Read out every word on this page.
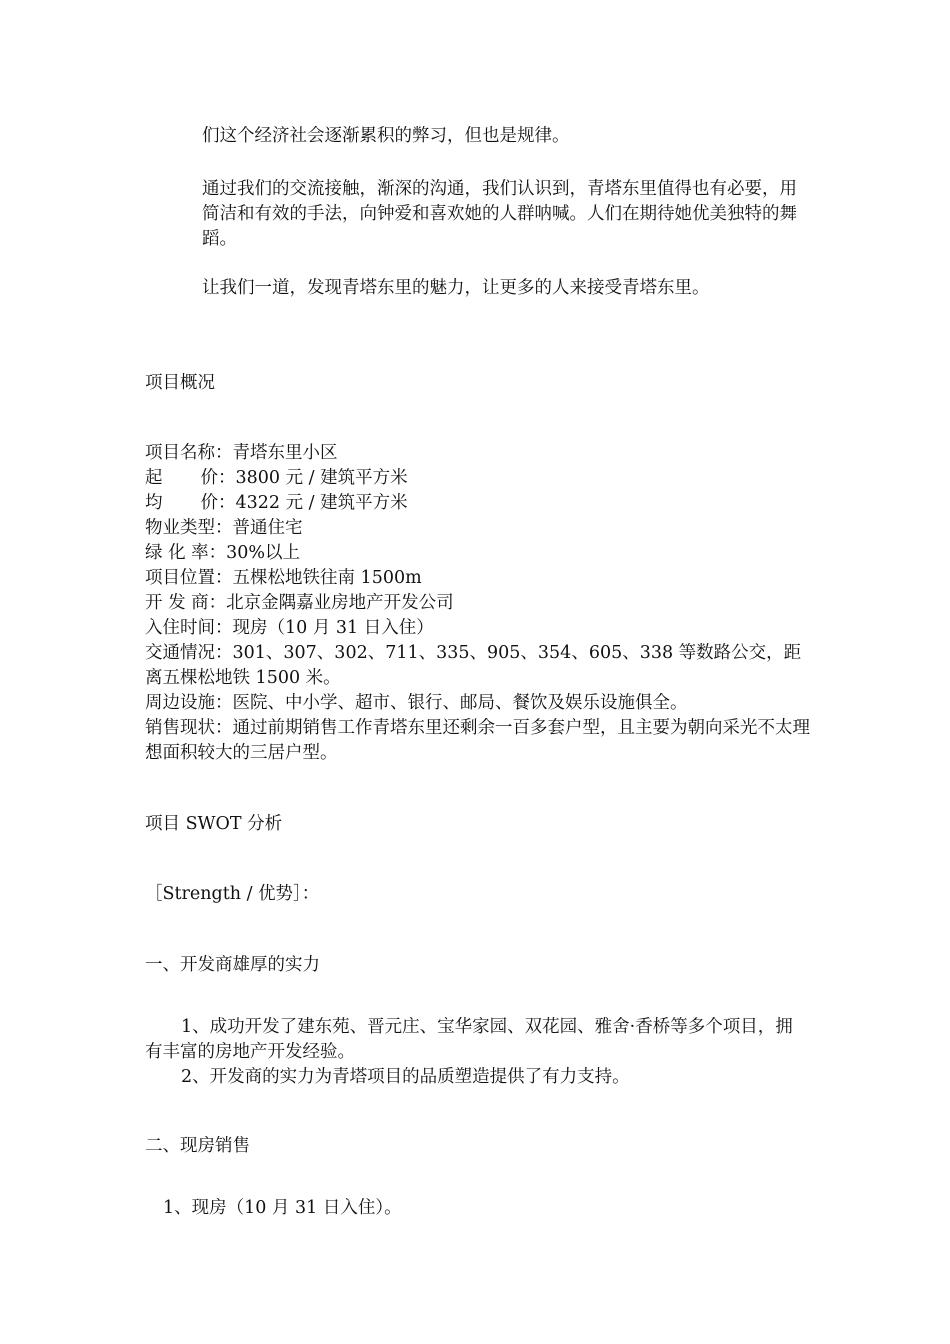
们这个经济社会逐渐累积的弊习，但也是规律。

通过我们的交流接触，渐深的沟通，我们认识到，青塔东里值得也有必要，用简洁和有效的手法，向钟爱和喜欢她的人群呐喊。人们在期待她优美独特的舞蹈。

让我们一道，发现青塔东里的魅力，让更多的人来接受青塔东里。

项目概况

项目名称：青塔东里小区

起 价：3800 元 / 建筑平方米

均 价：4322 元 / 建筑平方米

物业类型：普通住宅

绿 化 率：30%以上

项目位置：五棵松地铁往南 1500m

开 发 商：北京金隅嘉业房地产开发公司

入住时间：现房（10 月 31 日入住）

交通情况：301、307、302、711、335、905、354、605、338 等数路公交，距离五棵松地铁 1500 米。

周边设施：医院、中小学、超市、银行、邮局、餐饮及娱乐设施俱全。

销售现状：通过前期销售工作青塔东里还剩余一百多套户型，且主要为朝向采光不太理想面积较大的三居户型。

项目 SWOT 分析

［Strength / 优势］：

一、开发商雄厚的实力

1、成功开发了建东苑、晋元庄、宝华家园、双花园、雅舍·香桥等多个项目，拥有丰富的房地产开发经验。

2、开发商的实力为青塔项目的品质塑造提供了有力支持。

二、现房销售

1、现房（10 月 31 日入住）。
